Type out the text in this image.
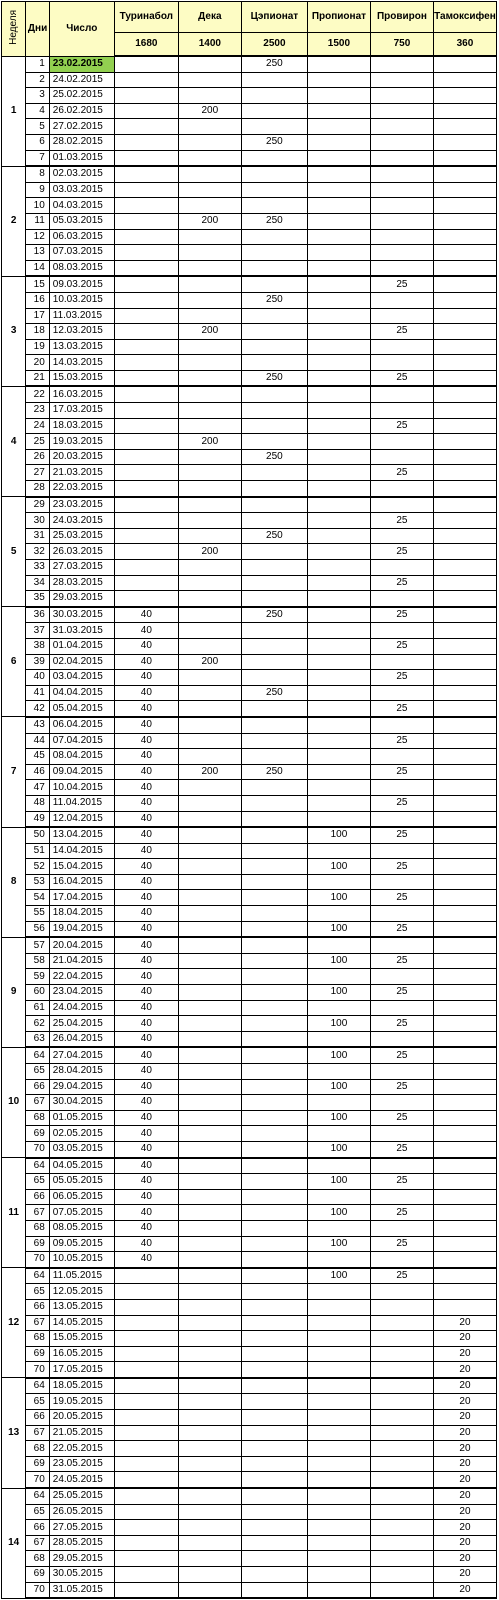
Неделя	Дни	Число	Туринабол	Дека	Цэпионат	Пропионат	Провирон	Тамоксифен
			1680	1400	2500	1500	750	360
1	1	23.02.2015			250			
	2	24.02.2015						
	3	25.02.2015						
	4	26.02.2015		200				
	5	27.02.2015						
	6	28.02.2015			250			
	7	01.03.2015						
2	8	02.03.2015						
	9	03.03.2015						
	10	04.03.2015						
	11	05.03.2015		200	250			
	12	06.03.2015						
	13	07.03.2015						
	14	08.03.2015						
3	15	09.03.2015					25	
	16	10.03.2015			250			
	17	11.03.2015						
	18	12.03.2015		200			25	
	19	13.03.2015						
	20	14.03.2015						
	21	15.03.2015			250		25	
4	22	16.03.2015						
	23	17.03.2015						
	24	18.03.2015					25	
	25	19.03.2015		200				
	26	20.03.2015			250			
	27	21.03.2015					25	
	28	22.03.2015						
5	29	23.03.2015						
	30	24.03.2015					25	
	31	25.03.2015			250			
	32	26.03.2015		200			25	
	33	27.03.2015						
	34	28.03.2015					25	
	35	29.03.2015						
6	36	30.03.2015	40		250		25	
	37	31.03.2015	40					
	38	01.04.2015	40				25	
	39	02.04.2015	40	200				
	40	03.04.2015	40				25	
	41	04.04.2015	40		250			
	42	05.04.2015	40				25	
7	43	06.04.2015	40					
	44	07.04.2015	40				25	
	45	08.04.2015	40					
	46	09.04.2015	40	200	250		25	
	47	10.04.2015	40					
	48	11.04.2015	40				25	
	49	12.04.2015	40					
8	50	13.04.2015	40			100	25	
	51	14.04.2015	40					
	52	15.04.2015	40			100	25	
	53	16.04.2015	40					
	54	17.04.2015	40			100	25	
	55	18.04.2015	40					
	56	19.04.2015	40			100	25	
9	57	20.04.2015	40					
	58	21.04.2015	40			100	25	
	59	22.04.2015	40					
	60	23.04.2015	40			100	25	
	61	24.04.2015	40					
	62	25.04.2015	40			100	25	
	63	26.04.2015	40					
10	64	27.04.2015	40			100	25	
	65	28.04.2015	40					
	66	29.04.2015	40			100	25	
	67	30.04.2015	40					
	68	01.05.2015	40			100	25	
	69	02.05.2015	40					
	70	03.05.2015	40			100	25	
11	64	04.05.2015	40					
	65	05.05.2015	40			100	25	
	66	06.05.2015	40					
	67	07.05.2015	40			100	25	
	68	08.05.2015	40					
	69	09.05.2015	40			100	25	
	70	10.05.2015	40					
12	64	11.05.2015				100	25	
	65	12.05.2015						
	66	13.05.2015						
	67	14.05.2015						20
	68	15.05.2015						20
	69	16.05.2015						20
	70	17.05.2015						20
13	64	18.05.2015						20
	65	19.05.2015						20
	66	20.05.2015						20
	67	21.05.2015						20
	68	22.05.2015						20
	69	23.05.2015						20
	70	24.05.2015						20
14	64	25.05.2015						20
	65	26.05.2015						20
	66	27.05.2015						20
	67	28.05.2015						20
	68	29.05.2015						20
	69	30.05.2015						20
	70	31.05.2015						20
